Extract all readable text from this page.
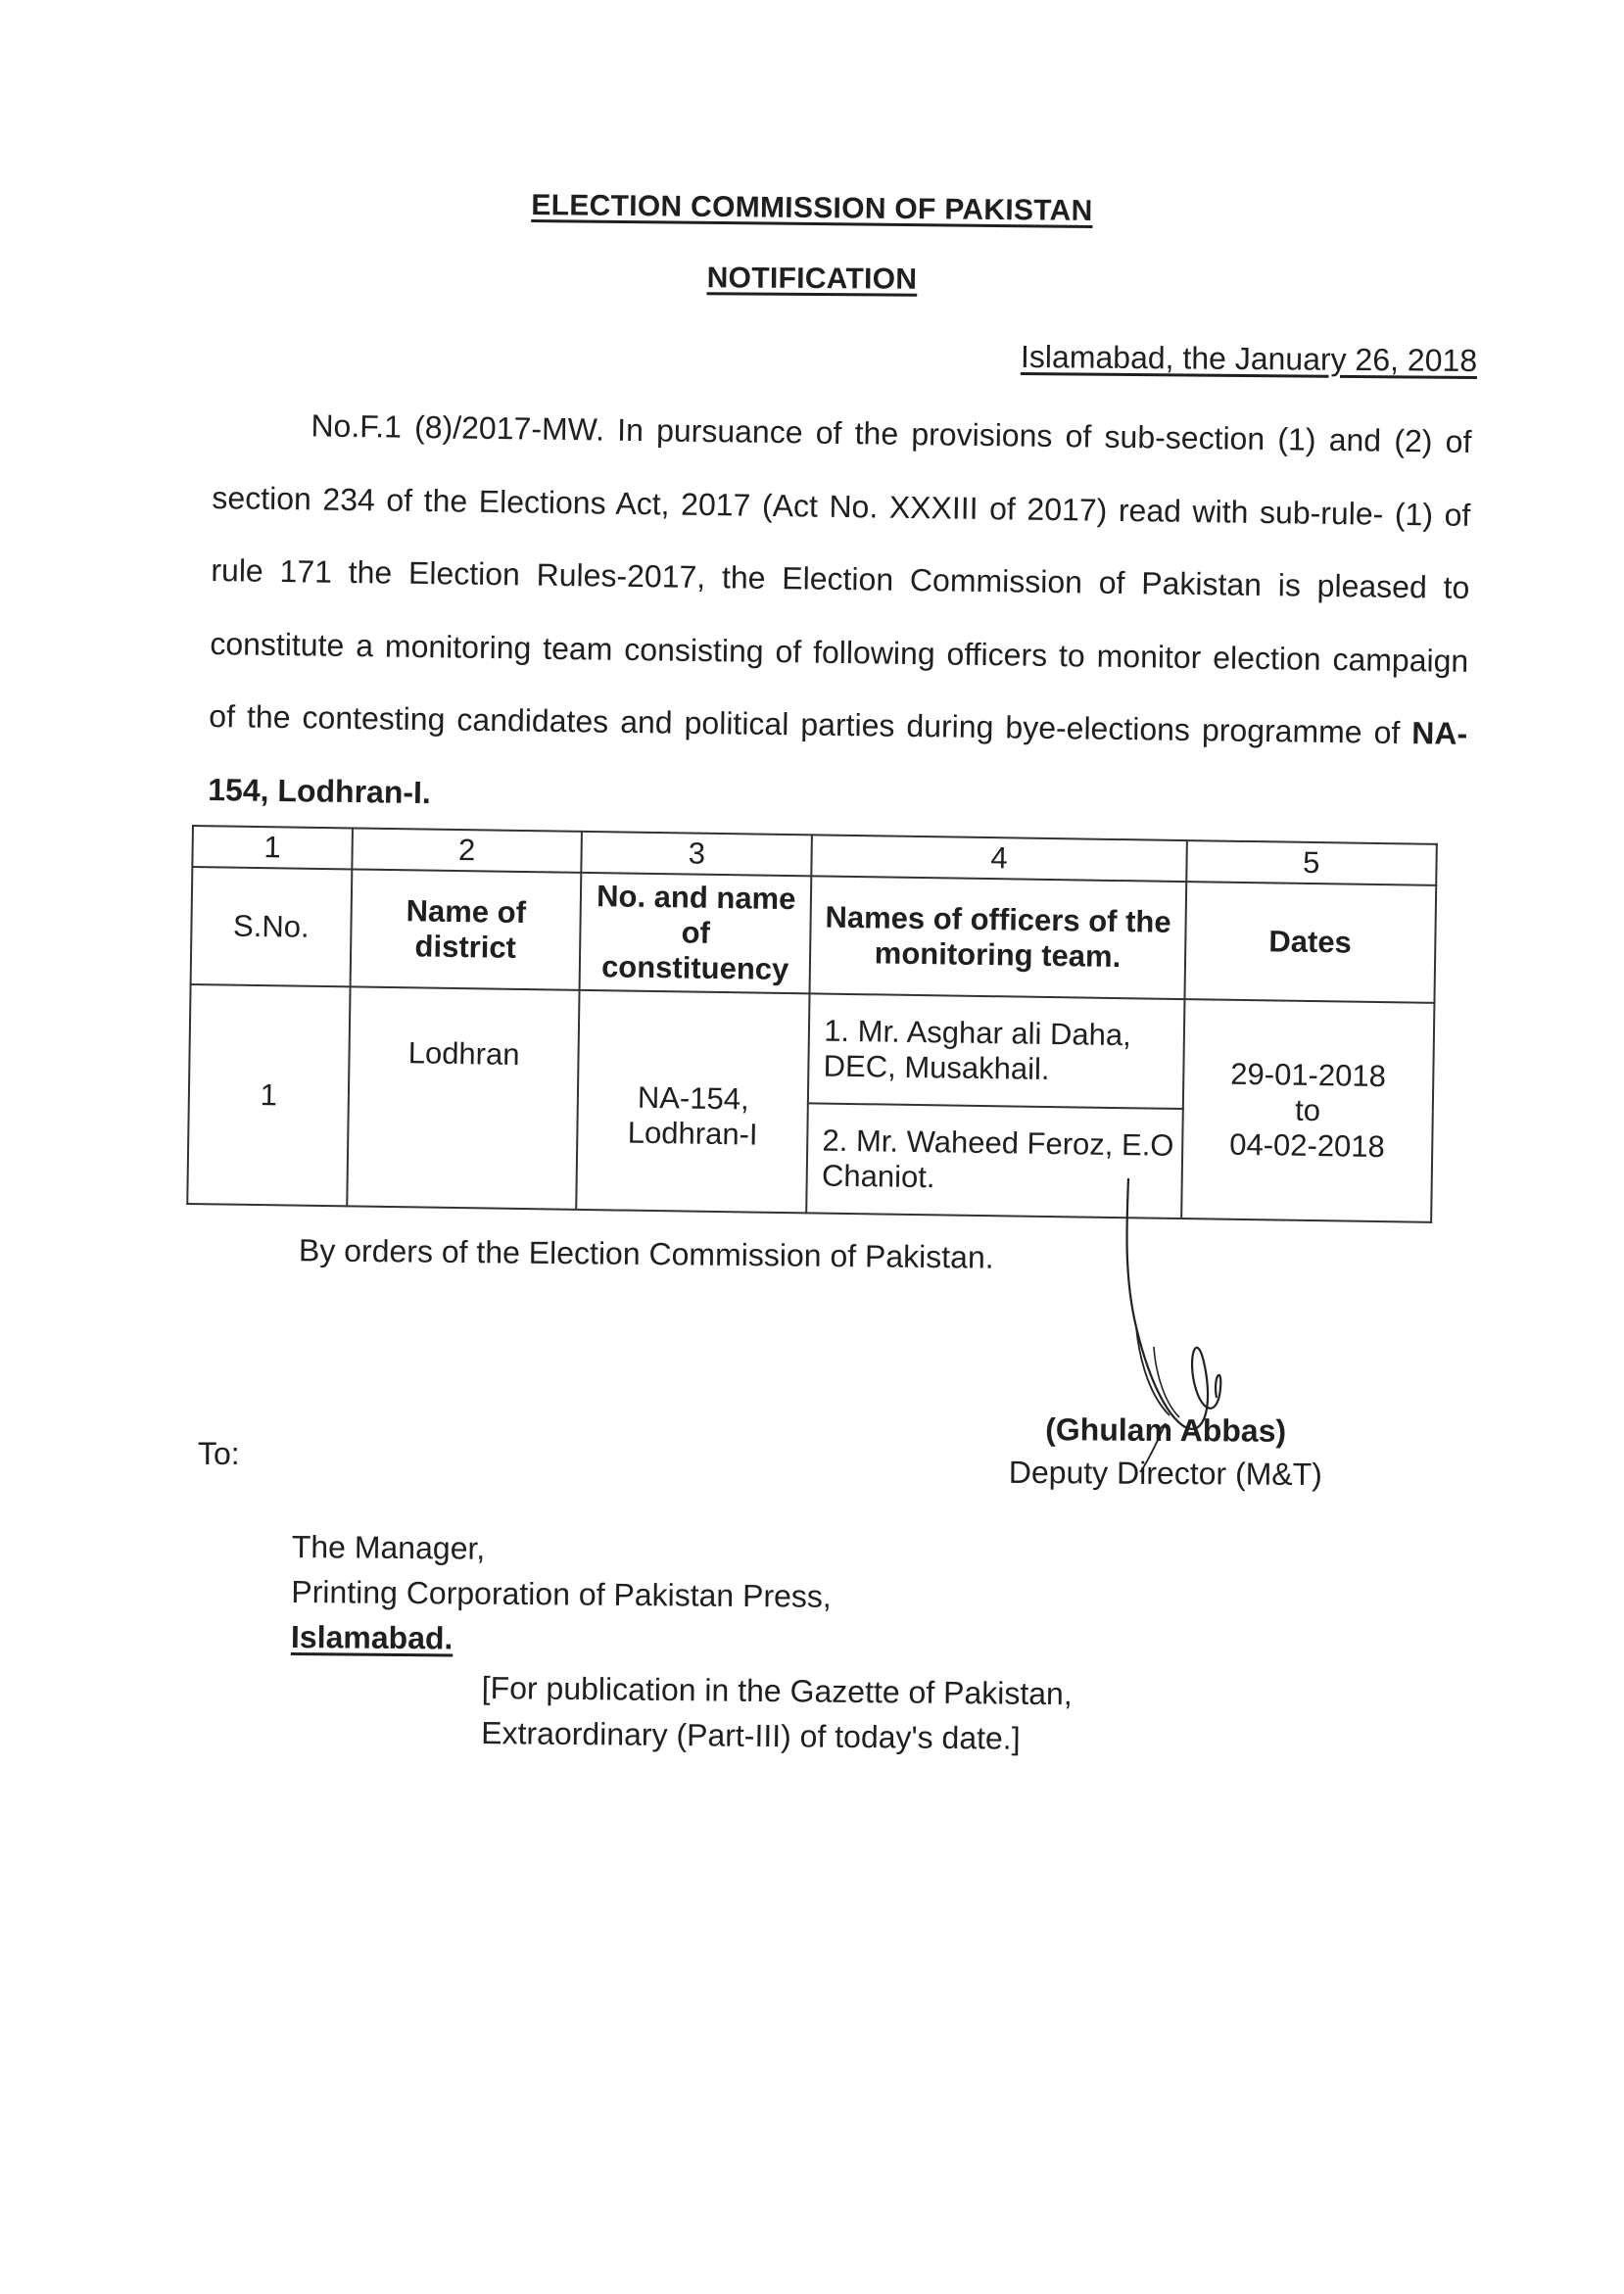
ELECTION COMMISSION OF PAKISTAN
NOTIFICATION
Islamabad, the January 26, 2018
No.F.1 (8)/2017-MW. In pursuance of the provisions of sub-section (1) and (2) of section 234 of the Elections Act, 2017 (Act No. XXXIII of 2017) read with sub-rule- (1) of rule 171 the Election Rules-2017, the Election Commission of Pakistan is pleased to constitute a monitoring team consisting of following officers to monitor election campaign of the contesting candidates and political parties during bye-elections programme of NA-154, Lodhran-I.
1	2	3	4	5
S.No.	Name of district	No. and name of constituency	Names of officers of the monitoring team.	Dates
1	Lodhran	NA-154, Lodhran-I	1. Mr. Asghar ali Daha, DEC, Musakhail.	29-01-2018
to
04-02-2018

			2. Mr. Waheed Feroz, E.O Chaniot.	
By orders of the Election Commission of Pakistan.
To:
(Ghulam Abbas)
Deputy Director (M&T)
The Manager,
Printing Corporation of Pakistan Press,
Islamabad.
[For publication in the Gazette of Pakistan,
Extraordinary (Part-III) of today's date.]
